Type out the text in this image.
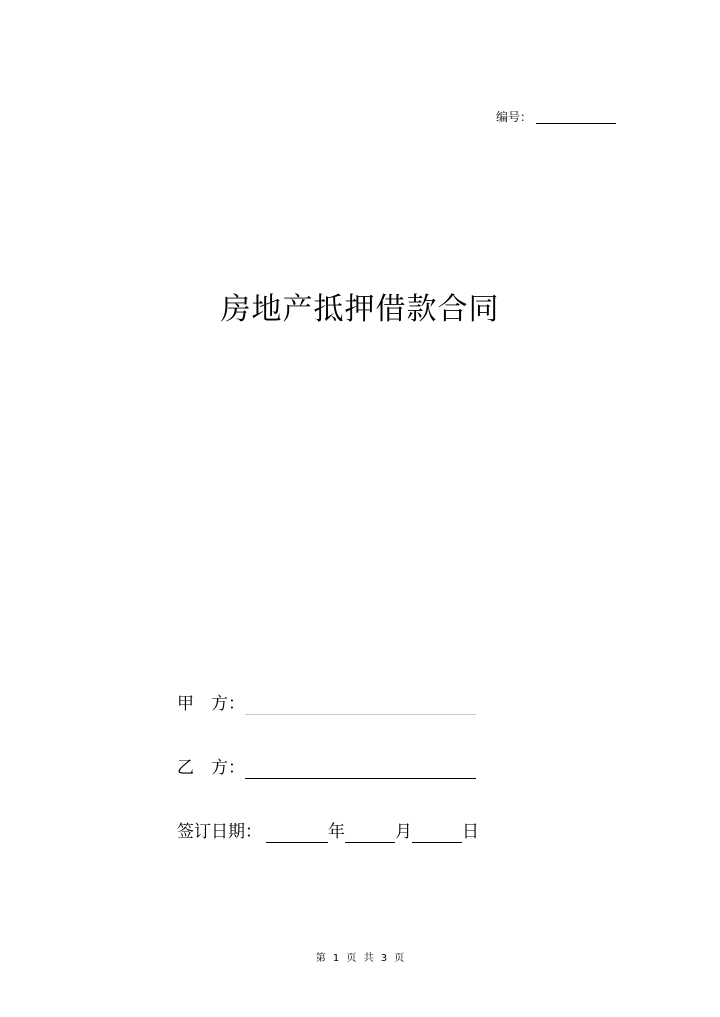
编号：
房地产抵押借款合同
甲　方：
乙　方：
签订日期：	年	月	日
第 1 页 共 3 页
